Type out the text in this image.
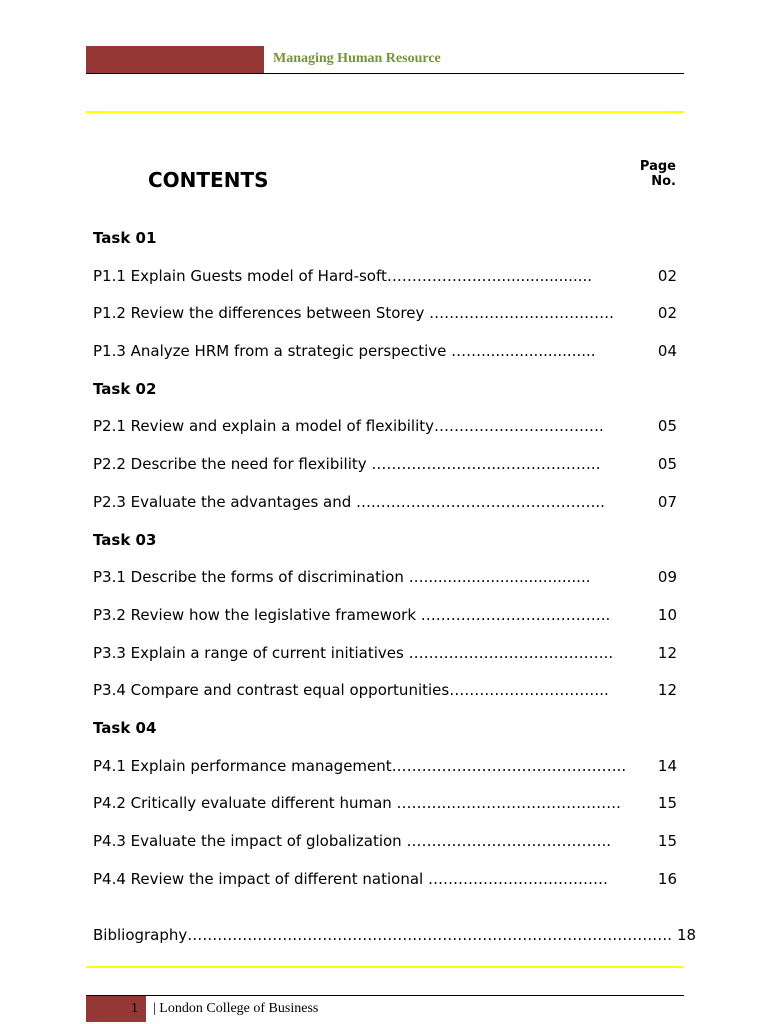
Managing Human Resource
CONTENTS
Page
No.
Task 01
P1.1 Explain Guests model of Hard-soft……………….…....................	02
P1.2 Review the differences between Storey ……………………………….	02
P1.3 Analyze HRM from a strategic perspective ……........................	04
Task 02
P2.1 Review and explain a model of flexibility…………………………….	05
P2.2 Describe the need for flexibility ……………………..………………..	05
P2.3 Evaluate the advantages and ….……….……………………………...	07
Task 03
P3.1 Describe the forms of discrimination …...................................	09
P3.2 Review how the legislative framework ………………………………..	10
P3.3 Explain a range of current initiatives …………………………………..	12
P3.4 Compare and contrast equal opportunities…………………………..	12
Task 04
P4.1 Explain performance management………………………………………..	14
P4.2 Critically evaluate different human ………..…………………………….	15
P4.3 Evaluate the impact of globalization …………………………………..	15
P4.4 Review the impact of different national ………………………………	16
Bibliography……………………………………………………………………………………. 18
1 | London College of Business
